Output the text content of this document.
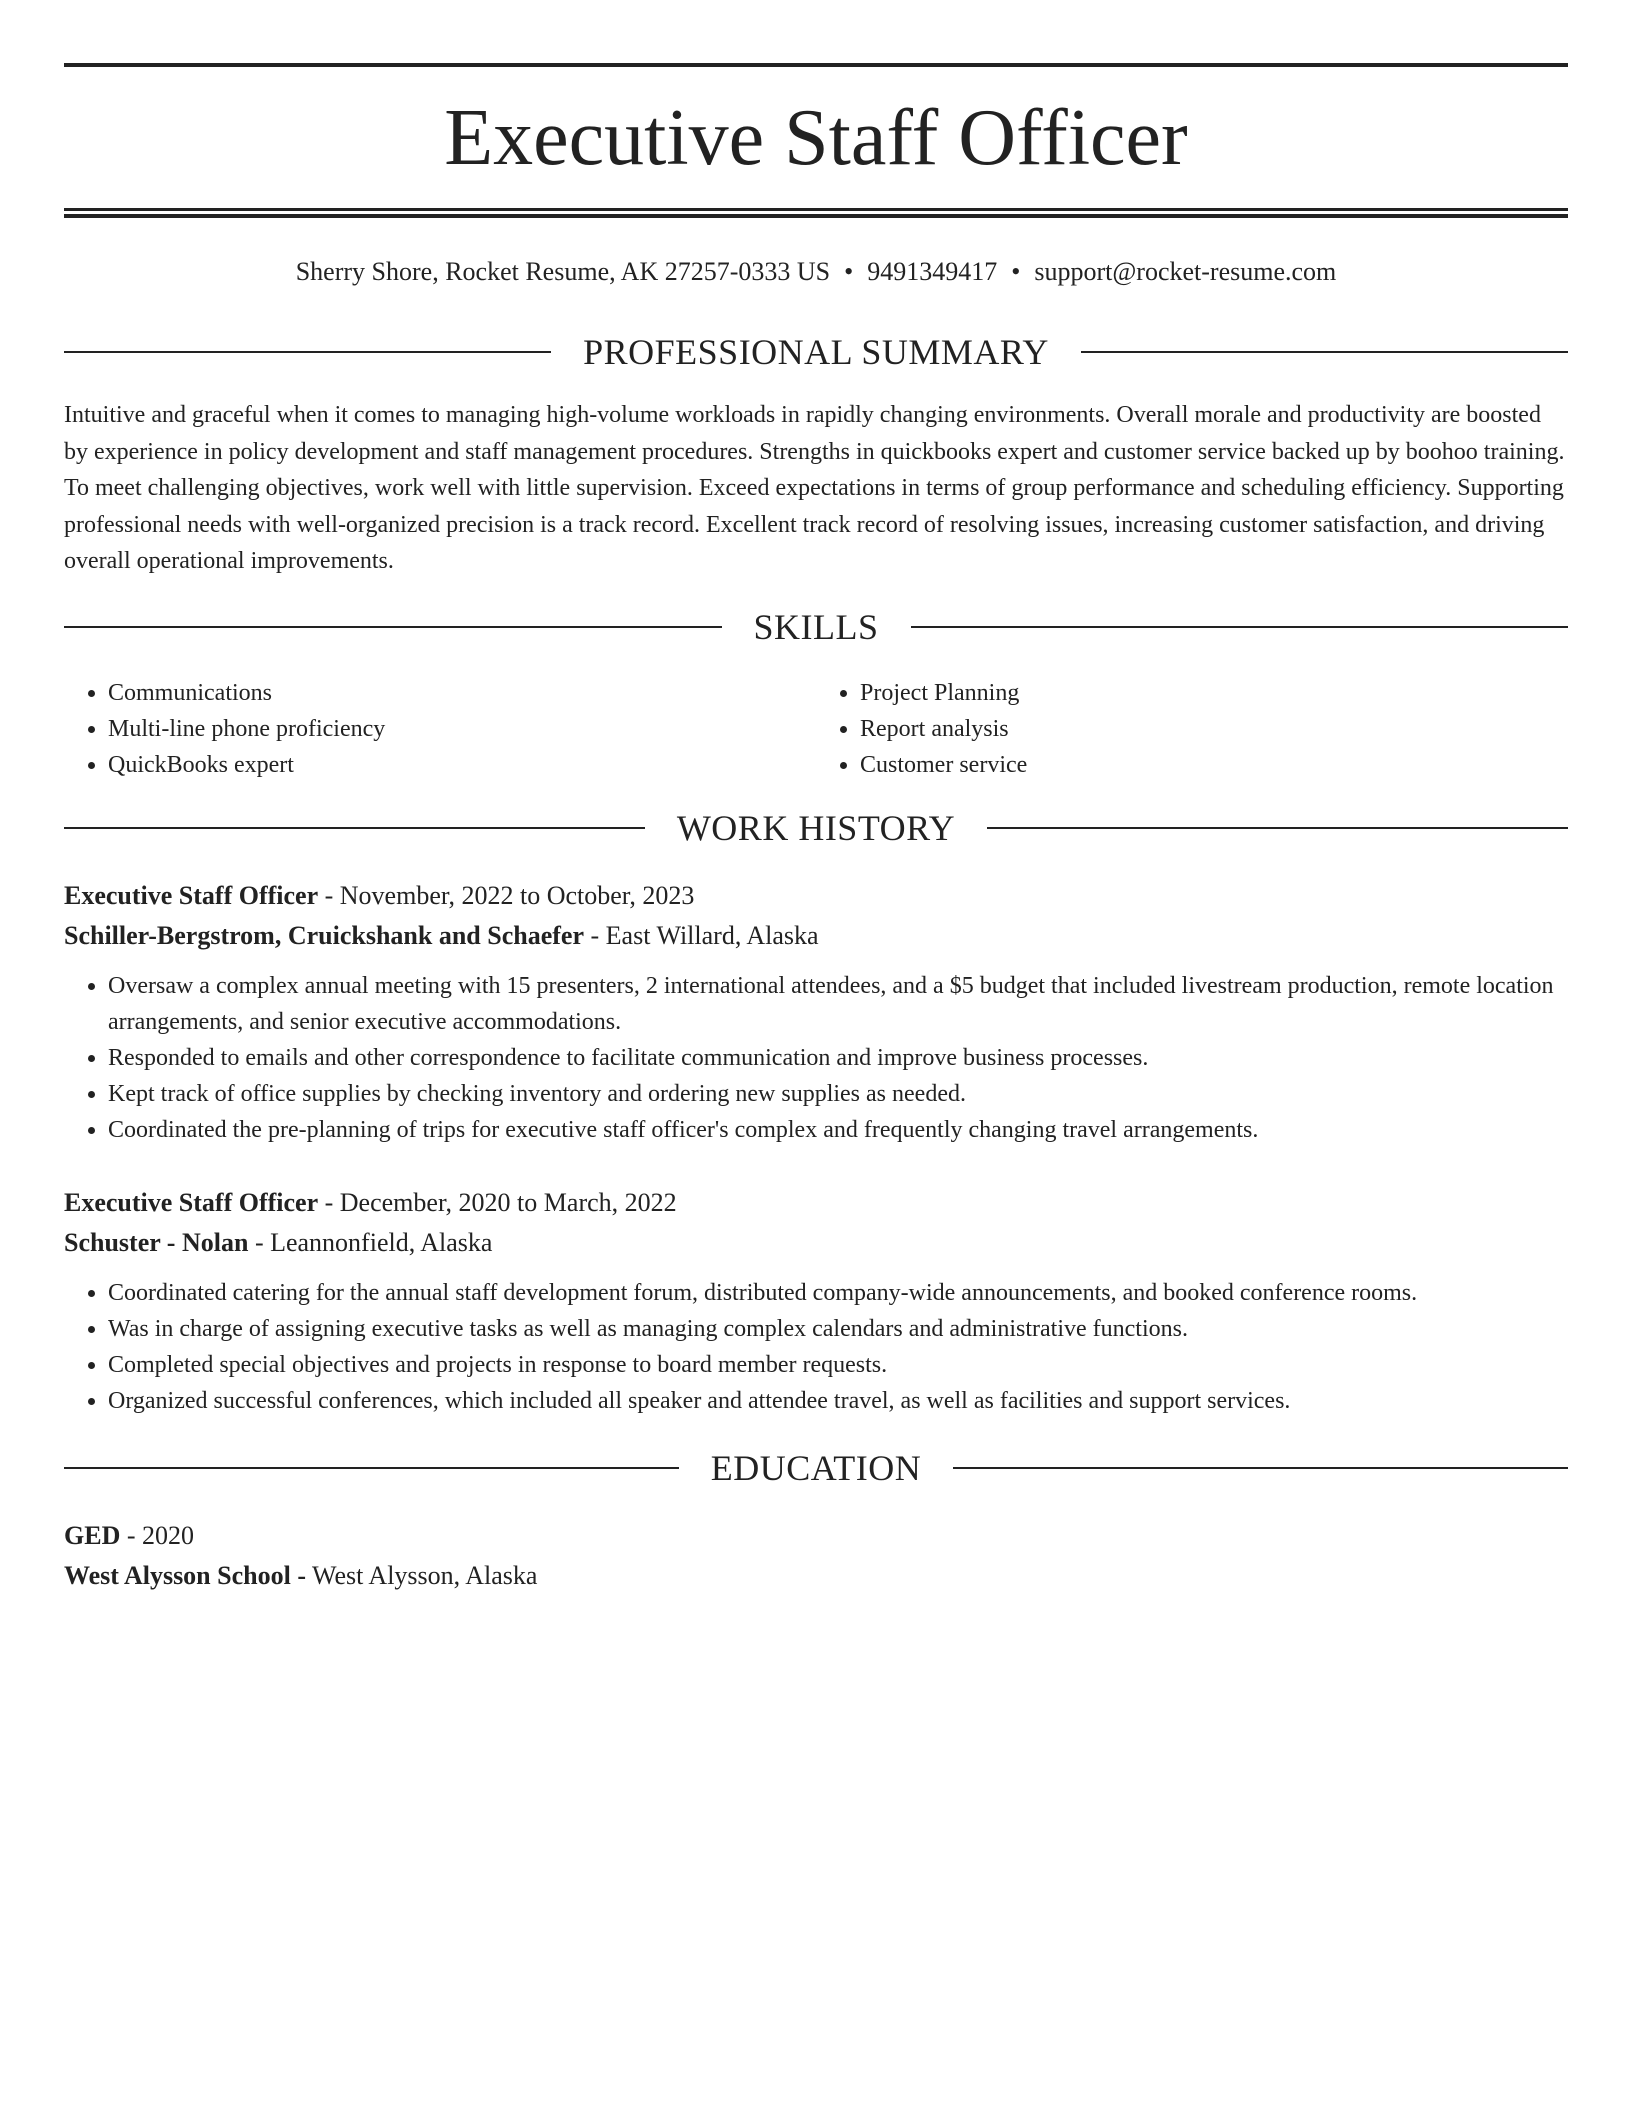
Executive Staff Officer
Sherry Shore, Rocket Resume, AK 27257-0333 US • 9491349417 • support@rocket-resume.com
PROFESSIONAL SUMMARY

Intuitive and graceful when it comes to managing high-volume workloads in rapidly changing environments. Overall morale and productivity are boosted by experience in policy development and staff management procedures. Strengths in quickbooks expert and customer service backed up by boohoo training. To meet challenging objectives, work well with little supervision. Exceed expectations in terms of group performance and scheduling efficiency. Supporting professional needs with well-organized precision is a track record. Excellent track record of resolving issues, increasing customer satisfaction, and driving overall operational improvements.

SKILLS
• Communications
• Multi-line phone proficiency
• QuickBooks expert
• Project Planning
• Report analysis
• Customer service
WORK HISTORY
Executive Staff Officer - November, 2022 to October, 2023
Schiller-Bergstrom, Cruickshank and Schaefer - East Willard, Alaska
• Oversaw a complex annual meeting with 15 presenters, 2 international attendees, and a $5 budget that included livestream production, remote location arrangements, and senior executive accommodations.
• Responded to emails and other correspondence to facilitate communication and improve business processes.
• Kept track of office supplies by checking inventory and ordering new supplies as needed.
• Coordinated the pre-planning of trips for executive staff officer's complex and frequently changing travel arrangements.
Executive Staff Officer - December, 2020 to March, 2022
Schuster - Nolan - Leannonfield, Alaska
• Coordinated catering for the annual staff development forum, distributed company-wide announcements, and booked conference rooms.
• Was in charge of assigning executive tasks as well as managing complex calendars and administrative functions.
• Completed special objectives and projects in response to board member requests.
• Organized successful conferences, which included all speaker and attendee travel, as well as facilities and support services.
EDUCATION
GED - 2020
West Alysson School - West Alysson, Alaska
